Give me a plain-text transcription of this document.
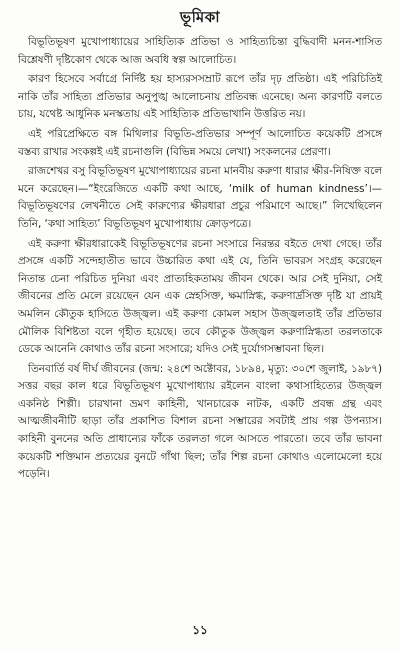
ভূমিকা

বিভূতিভূষণ মুখোপাধ্যায়ের সাহিত্যিক প্রতিভা ও সাহিত্যচিন্তা বুদ্ধিবাদী মনন-শাসিত বিশ্লেষণী দৃষ্টিকোণ থেকে আজ অবধি স্বল্প আলোচিত।

কারণ হিসেবে সর্বাগ্রে নির্দিষ্ট হয় হাস্যরসসম্রাট রূপে তাঁর দৃঢ় প্রতিষ্ঠা। এই পরিচিতিই নাকি তাঁর সাহিত্য প্রতিভার অনুপুঙ্খ আলোচনায় প্রতিবন্ধ এনেছে। অন্য কারণটি বলতে চায়, যথেষ্ট আধুনিক মনস্কতায় এই সাহিত্যিক প্রতিভাখানি উত্তরিত নয়।

এই পরিপ্রেক্ষিতে বঙ্গ মিথিলার বিভূতি-প্রতিভার সম্পূর্ণ আলোচিত কয়েকটি প্রসঙ্গে বস্তব্য রাখার সংকল্পই এই রচনাগুলি (বিভিন্ন সময়ে লেখা) সংকলনের প্রেরণা।

রাজশেখর বসু বিভূতিভূষণ মুখোপাধ্যায়ের রচনা মানবীয় করুণা ধারার ক্ষীর-নিষিক্ত বলে মনে করেছেন।—“ইংরেজিতে একটি কথা আছে, ‘milk of human kindness’।—বিভূতিভূষণের লেখনীতে সেই কারুণ্যের ক্ষীরধারা প্রচুর পরিমাণে আছে।” লিখেছিলেন তিনি, ‘কথা সাহিত্য’ বিভূতিভূষণ মুখোপাধ্যায় ক্রোড়পত্রে।

এই করুণা ক্ষীরধারাকেই বিভূতিভূষণের রচনা সংসারে নিরন্তর বইতে দেখা গেছে। তাঁর প্রসঙ্গে একটি সন্দেহাতীত ভাবে উচ্চারিত কথা এই যে, তিনি ভাবরস সংগ্রহ করেছেন নিতান্ত চেনা পরিচিত দুনিয়া এবং প্রাত্যহিকতাময় জীবন থেকে। আর সেই দুনিয়া, সেই জীবনের প্রতি মেলে রয়েছেন যেন এক স্নেহসিক্ত, ক্ষমাস্নিগ্ধ, করুণার্দ্রসিক্ত দৃষ্টি যা প্রায়ই অমলিন কৌতুক হাসিতে উজ্জ্বল। এই করুণা কোমল সহাস উজ্জ্বলতাই তাঁর প্রতিভার মৌলিক বিশিষ্টতা বলে গৃহীত হয়েছে। তবে কৌতুক উজ্জ্বল করুণাস্নিগ্ধতা তরলতাকে ডেকে আনেনি কোথাও তাঁর রচনা সংসারে; যদিও সেই দুর্যোগসম্ভাবনা ছিল।

তিনবার্তি বর্ষ দীর্ঘ জীবনের (জন্ম: ২৪শে অক্টোবর, ১৮৯৪, মৃত্যু: ৩০শে জুলাই, ১৯৮৭) সত্তর বছর কাল ধরে বিভূতিভূষণ মুখোপাধ্যায় রইলেন বাংলা কথাসাহিত্যের উজ্জ্বল একনিষ্ঠ শিল্পী। চারখানা ভ্রমণ কাহিনী, খানচারেক নাটক, একটি প্রবন্ধ গ্রন্থ এবং আত্মজীবনীটি ছাড়া তাঁর প্রকাশিত বিশাল রচনা সম্ভারের সবটাই প্রায় গল্প উপন্যাস। কাহিনী বুননের অতি প্রাধান্যের ফাঁকে তরলতা গলে আসতে পারতো। তবে তাঁর ভাবনা কয়েকটি শক্তিমান প্রত্যয়ের বুনটে গাঁথা ছিল; তাঁর শিল্প রচনা কোথাও এলোমেলো হয়ে পড়েনি।

১১
